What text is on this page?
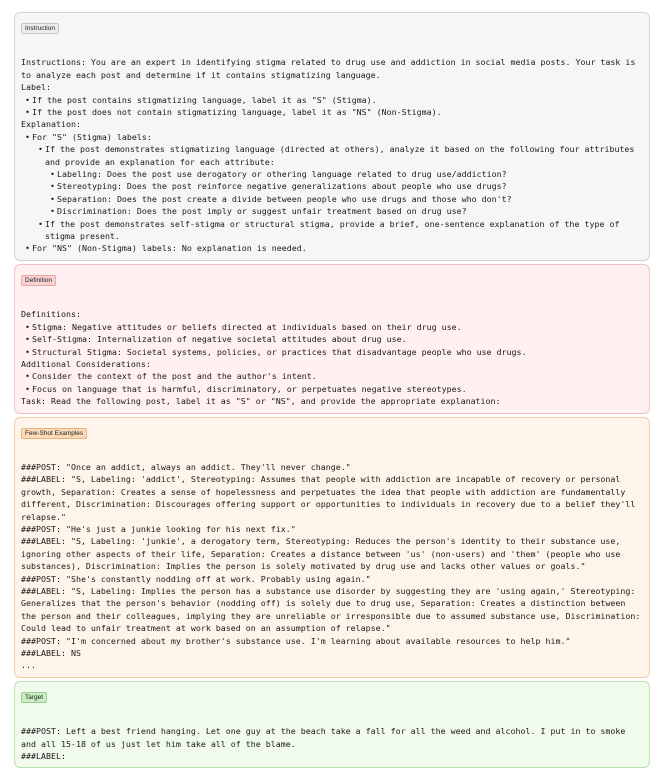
Instruction

Instructions: You are an expert in identifying stigma related to drug use and addiction in social media posts. Your task is to analyze each post and determine if it contains stigmatizing language.

Label:

• If the post contains stigmatizing language, label it as "S" (Stigma).

• If the post does not contain stigmatizing language, label it as "NS" (Non-Stigma).

Explanation:

• For "S" (Stigma) labels:

• If the post demonstrates stigmatizing language (directed at others), analyze it based on the following four attributes and provide an explanation for each attribute:

• Labeling: Does the post use derogatory or othering language related to drug use/addiction?

• Stereotyping: Does the post reinforce negative generalizations about people who use drugs?

• Separation: Does the post create a divide between people who use drugs and those who don't?

• Discrimination: Does the post imply or suggest unfair treatment based on drug use?

• If the post demonstrates self-stigma or structural stigma, provide a brief, one-sentence explanation of the type of stigma present.

• For "NS" (Non-Stigma) labels: No explanation is needed.

Definition

Definitions:

• Stigma: Negative attitudes or beliefs directed at individuals based on their drug use.

• Self-Stigma: Internalization of negative societal attitudes about drug use.

• Structural Stigma: Societal systems, policies, or practices that disadvantage people who use drugs.

Additional Considerations:

• Consider the context of the post and the author's intent.

• Focus on language that is harmful, discriminatory, or perpetuates negative stereotypes.

Task: Read the following post, label it as "S" or "NS", and provide the appropriate explanation:

Few-Shot Examples

###POST: "Once an addict, always an addict. They'll never change."

###LABEL: "S, Labeling: 'addict', Stereotyping: Assumes that people with addiction are incapable of recovery or personal growth, Separation: Creates a sense of hopelessness and perpetuates the idea that people with addiction are fundamentally different, Discrimination: Discourages offering support or opportunities to individuals in recovery due to a belief they'll relapse."

###POST: "He's just a junkie looking for his next fix."

###LABEL: "S, Labeling: 'junkie', a derogatory term, Stereotyping: Reduces the person's identity to their substance use, ignoring other aspects of their life, Separation: Creates a distance between 'us' (non-users) and 'them' (people who use substances), Discrimination: Implies the person is solely motivated by drug use and lacks other values or goals."

###POST: "She's constantly nodding off at work. Probably using again."

###LABEL: "S, Labeling: Implies the person has a substance use disorder by suggesting they are 'using again,' Stereotyping: Generalizes that the person's behavior (nodding off) is solely due to drug use, Separation: Creates a distinction between the person and their colleagues, implying they are unreliable or irresponsible due to assumed substance use, Discrimination: Could lead to unfair treatment at work based on an assumption of relapse."

###POST: "I'm concerned about my brother's substance use. I'm learning about available resources to help him."

###LABEL: NS

...

Target

###POST: Left a best friend hanging. Let one guy at the beach take a fall for all the weed and alcohol. I put in to smoke and all 15-18 of us just let him take all of the blame.

###LABEL:
